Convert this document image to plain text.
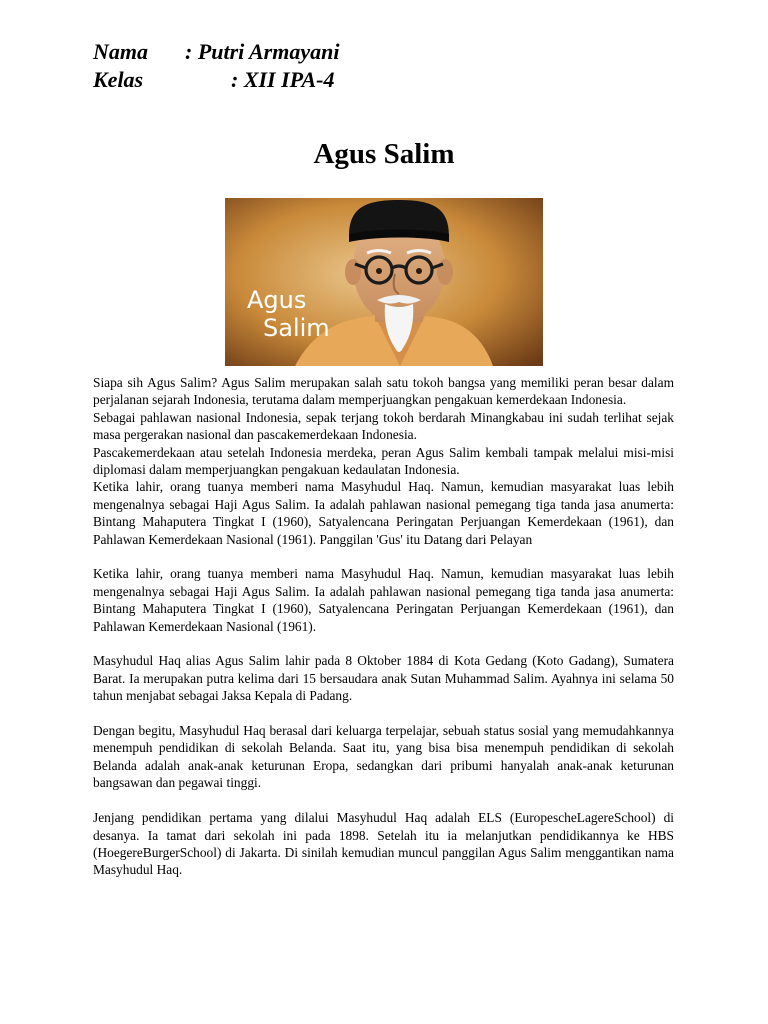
Nama : Putri Armayani
Kelas	: XII IPA-4
Agus Salim
Agus
Salim

Siapa sih Agus Salim? Agus Salim merupakan salah satu tokoh bangsa yang memiliki peran besar dalam perjalanan sejarah Indonesia, terutama dalam memperjuangkan pengakuan kemerdekaan Indonesia.

Sebagai pahlawan nasional Indonesia, sepak terjang tokoh berdarah Minangkabau ini sudah terlihat sejak masa pergerakan nasional dan pascakemerdekaan Indonesia.

Pascakemerdekaan atau setelah Indonesia merdeka, peran Agus Salim kembali tampak melalui misi-misi diplomasi dalam memperjuangkan pengakuan kedaulatan Indonesia.

Ketika lahir, orang tuanya memberi nama Masyhudul Haq. Namun, kemudian masyarakat luas lebih mengenalnya sebagai Haji Agus Salim. Ia adalah pahlawan nasional pemegang tiga tanda jasa anumerta: Bintang Mahaputera Tingkat I (1960), Satyalencana Peringatan Perjuangan Kemerdekaan (1961), dan Pahlawan Kemerdekaan Nasional (1961). Panggilan 'Gus' itu Datang dari Pelayan

Ketika lahir, orang tuanya memberi nama Masyhudul Haq. Namun, kemudian masyarakat luas lebih mengenalnya sebagai Haji Agus Salim. Ia adalah pahlawan nasional pemegang tiga tanda jasa anumerta: Bintang Mahaputera Tingkat I (1960), Satyalencana Peringatan Perjuangan Kemerdekaan (1961), dan Pahlawan Kemerdekaan Nasional (1961).

Masyhudul Haq alias Agus Salim lahir pada 8 Oktober 1884 di Kota Gedang (Koto Gadang), Sumatera Barat. Ia merupakan putra kelima dari 15 bersaudara anak Sutan Muhammad Salim. Ayahnya ini selama 50 tahun menjabat sebagai Jaksa Kepala di Padang.

Dengan begitu, Masyhudul Haq berasal dari keluarga terpelajar, sebuah status sosial yang memudahkannya menempuh pendidikan di sekolah Belanda. Saat itu, yang bisa bisa menempuh pendidikan di sekolah Belanda adalah anak-anak keturunan Eropa, sedangkan dari pribumi hanyalah anak-anak keturunan bangsawan dan pegawai tinggi.

Jenjang pendidikan pertama yang dilalui Masyhudul Haq adalah ELS (EuropescheLagereSchool) di desanya. Ia tamat dari sekolah ini pada 1898. Setelah itu ia melanjutkan pendidikannya ke HBS (HoegereBurgerSchool) di Jakarta. Di sinilah kemudian muncul panggilan Agus Salim menggantikan nama Masyhudul Haq.
